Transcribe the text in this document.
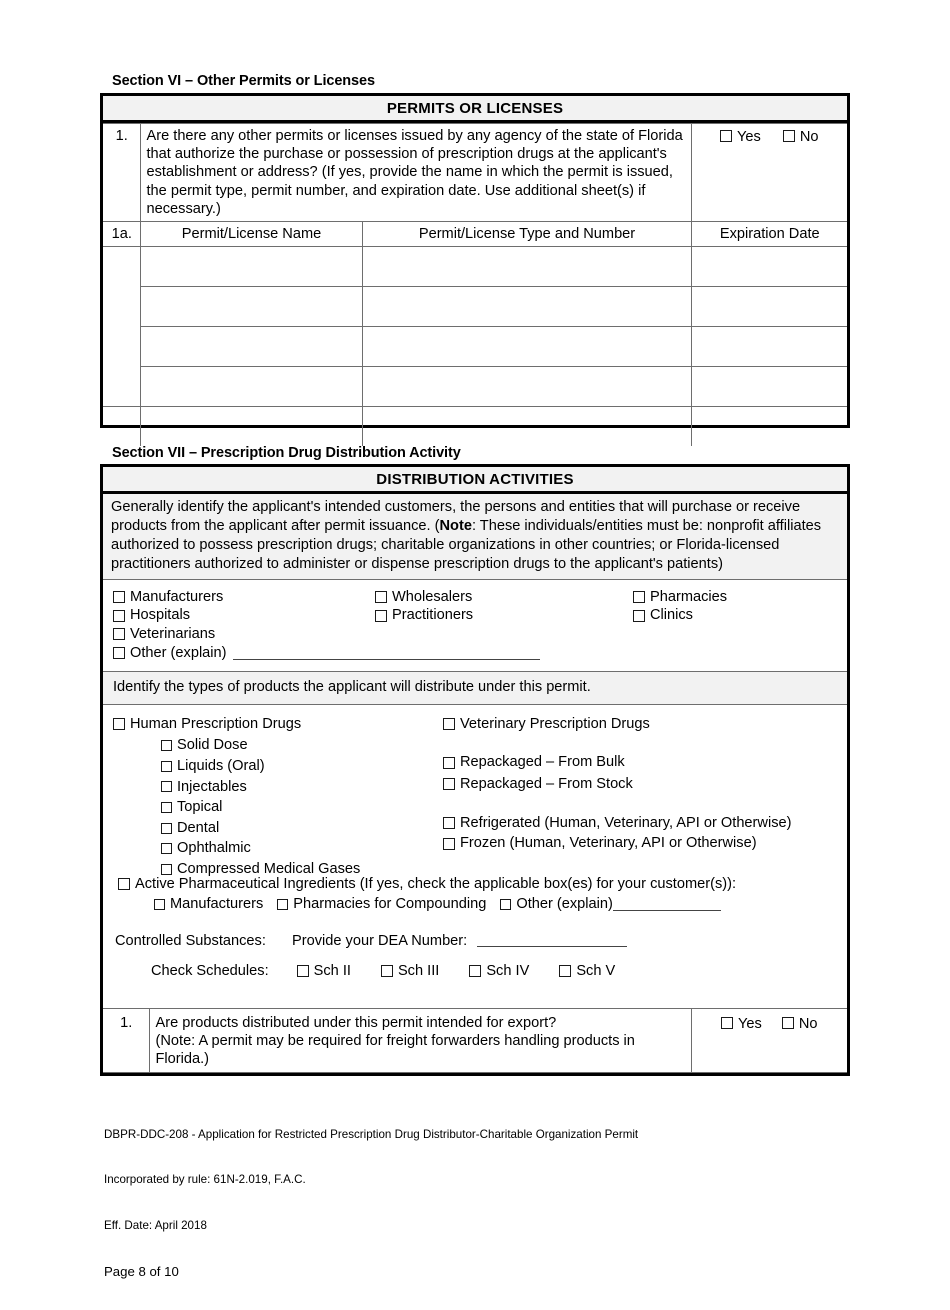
Section VI – Other Permits or Licenses
PERMITS OR LICENSES
1.	Are there any other permits or licenses issued by any agency of the state of Florida that authorize the purchase or possession of prescription drugs at the applicant's establishment or address? (If yes, provide the name in which the permit is issued, the permit type, permit number, and expiration date. Use additional sheet(s) if necessary.)		Yes No

1a.	Permit/License Name	Permit/License Type and Number	Expiration Date

Section VII – Prescription Drug Distribution Activity
DISTRIBUTION ACTIVITIES
Generally identify the applicant's intended customers, the persons and entities that will purchase or receive products from the applicant after permit issuance. (Note: These individuals/entities must be: nonprofit affiliates authorized to possess prescription drugs; charitable organizations in other countries; or Florida-licensed practitioners authorized to administer or dispense prescription drugs to the applicant's patients)
Manufacturers
Hospitals
Veterinarians
Other (explain)
Wholesalers
Practitioners
Pharmacies
Clinics
Identify the types of products the applicant will distribute under this permit.
Human Prescription Drugs
Solid Dose
Liquids (Oral)
Injectables
Topical
Dental
Ophthalmic
Compressed Medical Gases
Veterinary Prescription Drugs
Repackaged – From Bulk
Repackaged – From Stock
Refrigerated (Human, Veterinary, API or Otherwise)
Frozen (Human, Veterinary, API or Otherwise)
Active Pharmaceutical Ingredients (If yes, check the applicable box(es) for your customer(s)):
Manufacturers Pharmacies for Compounding Other (explain)
Controlled Substances: Provide your DEA Number:
Check Schedules:	Sch II	Sch III	Sch IV	Sch V
1.	Are products distributed under this permit intended for export?
(Note: A permit may be required for freight forwarders handling products in Florida.)

Yes	No

DBPR-DDC-208 - Application for Restricted Prescription Drug Distributor-Charitable Organization Permit

Incorporated by rule: 61N-2.019, F.A.C.

Eff. Date: April 2018

Page 8 of 10
